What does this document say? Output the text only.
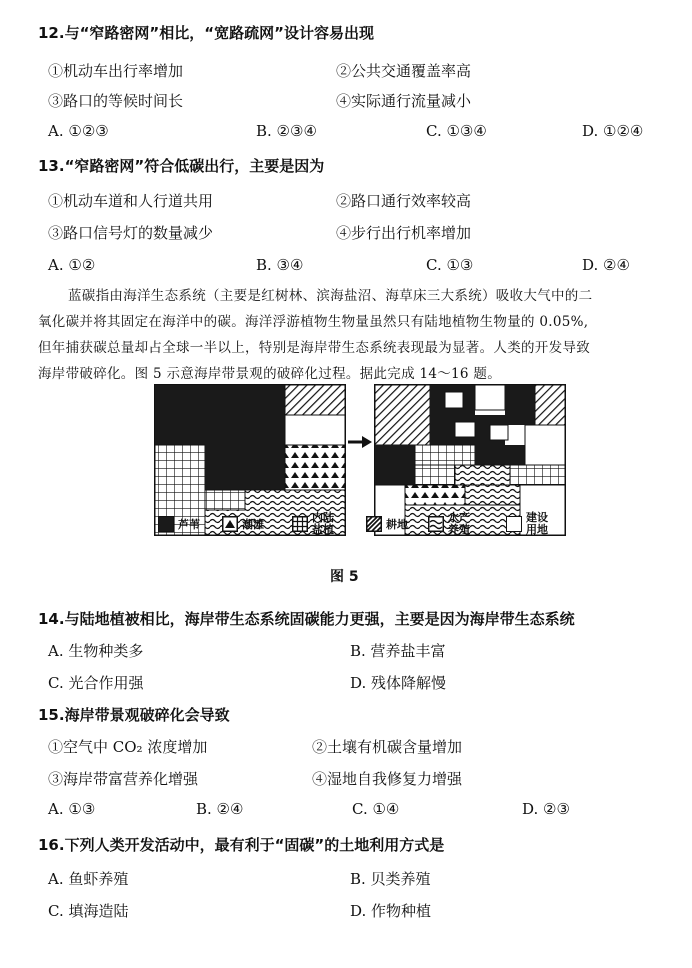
12.与“窄路密网”相比，“宽路疏网”设计容易出现
①机动车出行率增加	②公共交通覆盖率高
③路口的等候时间长	④实际通行流量减小
A. ①②③	B. ②③④	C. ①③④	D. ①②④
13.“窄路密网”符合低碳出行，主要是因为
①机动车道和人行道共用	②路口通行效率较高
③路口信号灯的数量减少	④步行出行机率增加
A. ①②	B. ③④	C. ①③	D. ②④
蓝碳指由海洋生态系统（主要是红树林、滨海盐沼、海草床三大系统）吸收大气中的二
氧化碳并将其固定在海洋中的碳。海洋浮游植物生物量虽然只有陆地植物生物量的 0.05%,
但年捕获碳总量却占全球一半以上，特别是海岸带生态系统表现最为显著。人类的开发导致
海岸带破碎化。图 5 示意海岸带景观的破碎化过程。据此完成 14～16 题。
芦苇	潮滩
内陆
盐植	耕地
水产
养殖
建设
用地
图 5
14.与陆地植被相比，海岸带生态系统固碳能力更强，主要是因为海岸带生态系统
A. 生物种类多	B. 营养盐丰富
C. 光合作用强	D. 残体降解慢
15.海岸带景观破碎化会导致
①空气中 CO₂ 浓度增加	②土壤有机碳含量增加
③海岸带富营养化增强	④湿地自我修复力增强
A. ①③	B. ②④	C. ①④	D. ②③
16.下列人类开发活动中，最有利于“固碳”的土地利用方式是
A. 鱼虾养殖	B. 贝类养殖
C. 填海造陆	D. 作物种植
